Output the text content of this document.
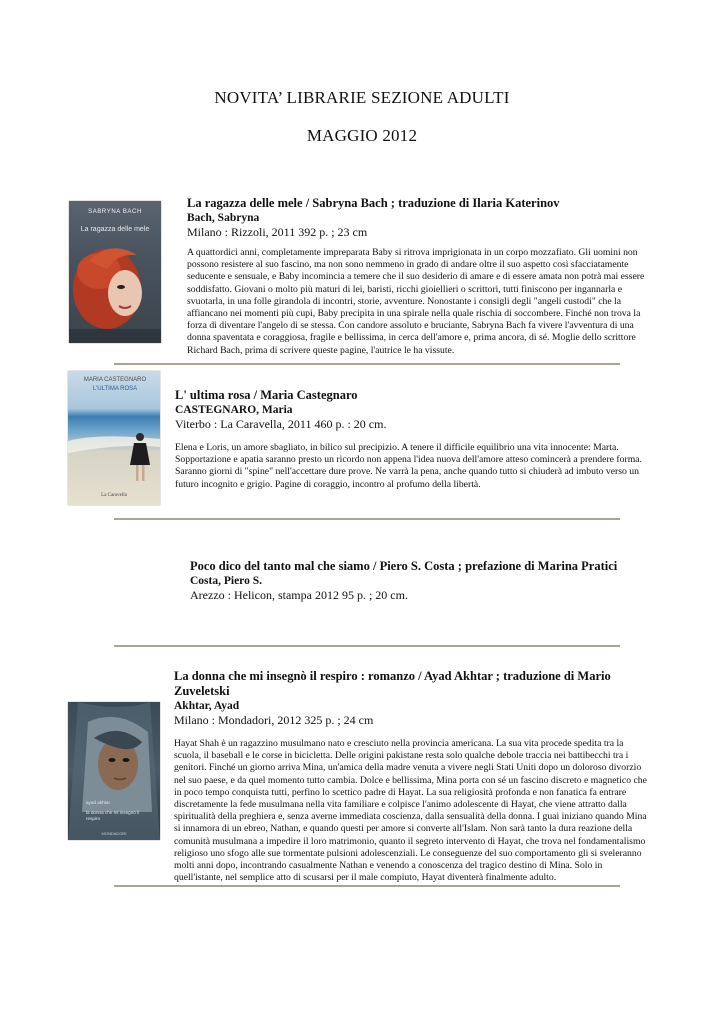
NOVITA’ LIBRARIE SEZIONE ADULTI
MAGGIO 2012
SABRYNA BACH
La ragazza delle mele
La ragazza delle mele / Sabryna Bach ; traduzione di Ilaria Katerinov
Bach, Sabryna
Milano : Rizzoli, 2011 392 p. ; 23 cm
A quattordici anni, completamente impreparata Baby si ritrova imprigionata in un corpo mozzafiato. Gli uomini non possono resistere al suo fascino, ma non sono nemmeno in grado di andare oltre il suo aspetto così sfacciatamente seducente e sensuale, e Baby incomincia a temere che il suo desiderio di amare e di essere amata non potrà mai essere soddisfatto. Giovani o molto più maturi di lei, baristi, ricchi gioiellieri o scrittori, tutti finiscono per ingannarla e svuotarla, in una folle girandola di incontri, storie, avventure. Nonostante i consigli degli "angeli custodi" che la affiancano nei momenti più cupi, Baby precipita in una spirale nella quale rischia di soccombere. Finché non trova la forza di diventare l'angelo di se stessa. Con candore assoluto e bruciante, Sabryna Bach fa vivere l'avventura di una donna spaventata e coraggiosa, fragile e bellissima, in cerca dell'amore e, prima ancora, di sé. Moglie dello scrittore Richard Bach, prima di scrivere queste pagine, l'autrice le ha vissute.
MARIA CASTEGNARO
L'ULTIMA ROSA
La Caravella
L' ultima rosa / Maria Castegnaro
CASTEGNARO, Maria
Viterbo : La Caravella, 2011 460 p. : 20 cm.
Elena e Loris, un amore sbagliato, in bilico sul precipizio. A tenere il difficile equilibrio una vita innocente: Marta. Sopportazione e apatia saranno presto un ricordo non appena l'idea nuova dell'amore atteso comincerà a prendere forma. Saranno giorni di "spine" nell'accettare dure prove. Ne varrà la pena, anche quando tutto si chiuderà ad imbuto verso un futuro incognito e grigio. Pagine di coraggio, incontro al profumo della libertà.
Poco dico del tanto mal che siamo / Piero S. Costa ; prefazione di Marina Pratici
Costa, Piero S.
Arezzo : Helicon, stampa 2012 95 p. ; 20 cm.
ayad akhtar
la donna che mi insegnò il respiro
MONDADORI
La donna che mi insegnò il respiro : romanzo / Ayad Akhtar ; traduzione di Mario Zuveletski
Akhtar, Ayad
Milano : Mondadori, 2012 325 p. ; 24 cm
Hayat Shah è un ragazzino musulmano nato e cresciuto nella provincia americana. La sua vita procede spedita tra la scuola, il baseball e le corse in bicicletta. Delle origini pakistane resta solo qualche debole traccia nei battibecchi tra i genitori. Finché un giorno arriva Mina, un'amica della madre venuta a vivere negli Stati Uniti dopo un doloroso divorzio nel suo paese, e da quel momento tutto cambia. Dolce e bellissima, Mina porta con sé un fascino discreto e magnetico che in poco tempo conquista tutti, perfino lo scettico padre di Hayat. La sua religiosità profonda e non fanatica fa entrare discretamente la fede musulmana nella vita familiare e colpisce l'animo adolescente di Hayat, che viene attratto dalla spiritualità della preghiera e, senza averne immediata coscienza, dalla sensualità della donna. I guai iniziano quando Mina si innamora di un ebreo, Nathan, e quando questi per amore si converte all'Islam. Non sarà tanto la dura reazione della comunità musulmana a impedire il loro matrimonio, quanto il segreto intervento di Hayat, che trova nel fondamentalismo religioso uno sfogo alle sue tormentate pulsioni adolescenziali. Le conseguenze del suo comportamento gli si sveleranno molti anni dopo, incontrando casualmente Nathan e venendo a conoscenza del tragico destino di Mina. Solo in quell'istante, nel semplice atto di scusarsi per il male compiuto, Hayat diventerà finalmente adulto.
